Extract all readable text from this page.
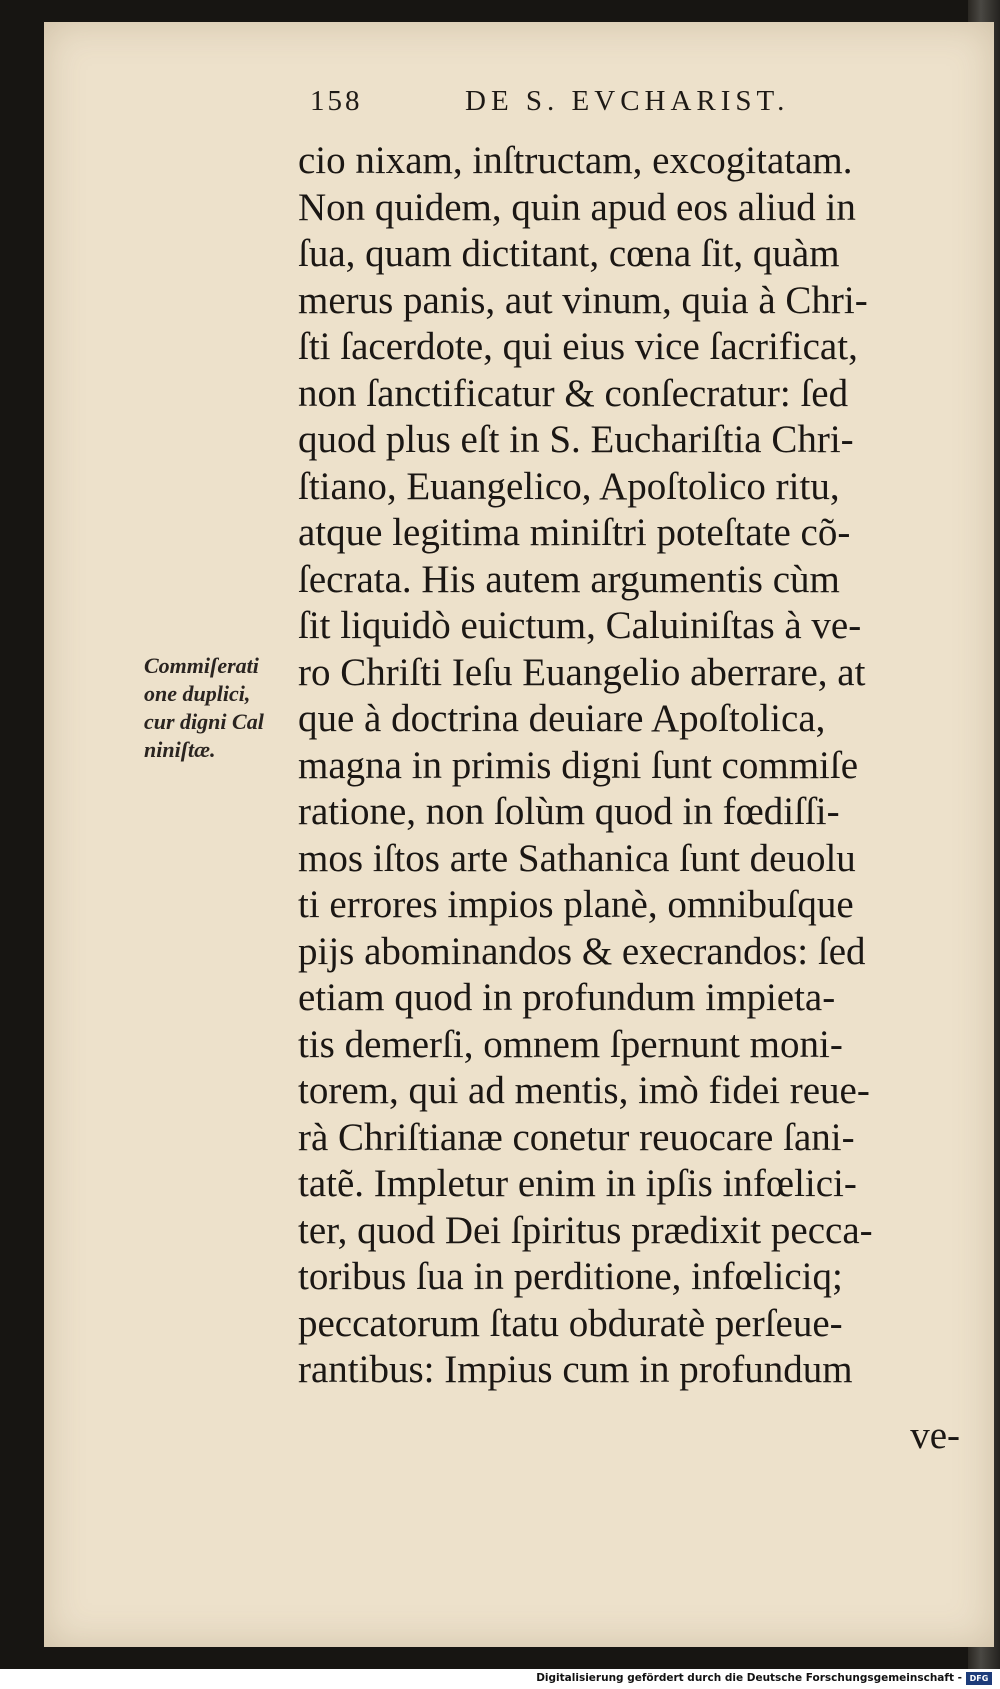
158	DE S. EVCHARIST.
Commiſerati
one duplici,
cur digni Cal
niniſtæ.
cio nixam, inſtructam, excogitatam.
Non quidem, quin apud eos aliud in
ſua, quam dictitant, cœna ſit, quàm
merus panis, aut vinum, quia à Chri-
ſti ſacerdote, qui eius vice ſacrificat,
non ſanctificatur & conſecratur: ſed
quod plus eſt in S. Euchariſtia Chri-
ſtiano, Euangelico, Apoſtolico ritu,
atque legitima miniſtri poteſtate cõ-
ſecrata. His autem argumentis cùm
ſit liquidò euictum, Caluiniſtas à ve-
ro Chriſti Ieſu Euangelio aberrare, at
que à doctrina deuiare Apoſtolica,
magna in primis digni ſunt commiſe
ratione, non ſolùm quod in fœdiſſi-
mos iſtos arte Sathanica ſunt deuolu
ti errores impios planè, omnibuſque
pijs abominandos & execrandos: ſed
etiam quod in profundum impieta-
tis demerſi, omnem ſpernunt moni-
torem, qui ad mentis, imò fidei reue-
rà Chriſtianæ conetur reuocare ſani-
tatẽ. Impletur enim in ipſis infœlici-
ter, quod Dei ſpiritus prædixit pecca-
toribus ſua in perditione, infœliciq;
peccatorum ſtatu obduratè perſeue-
rantibus: Impius cum in profundum
ve-
Digitalisierung gefördert durch die Deutsche Forschungsgemeinschaft - DFG
